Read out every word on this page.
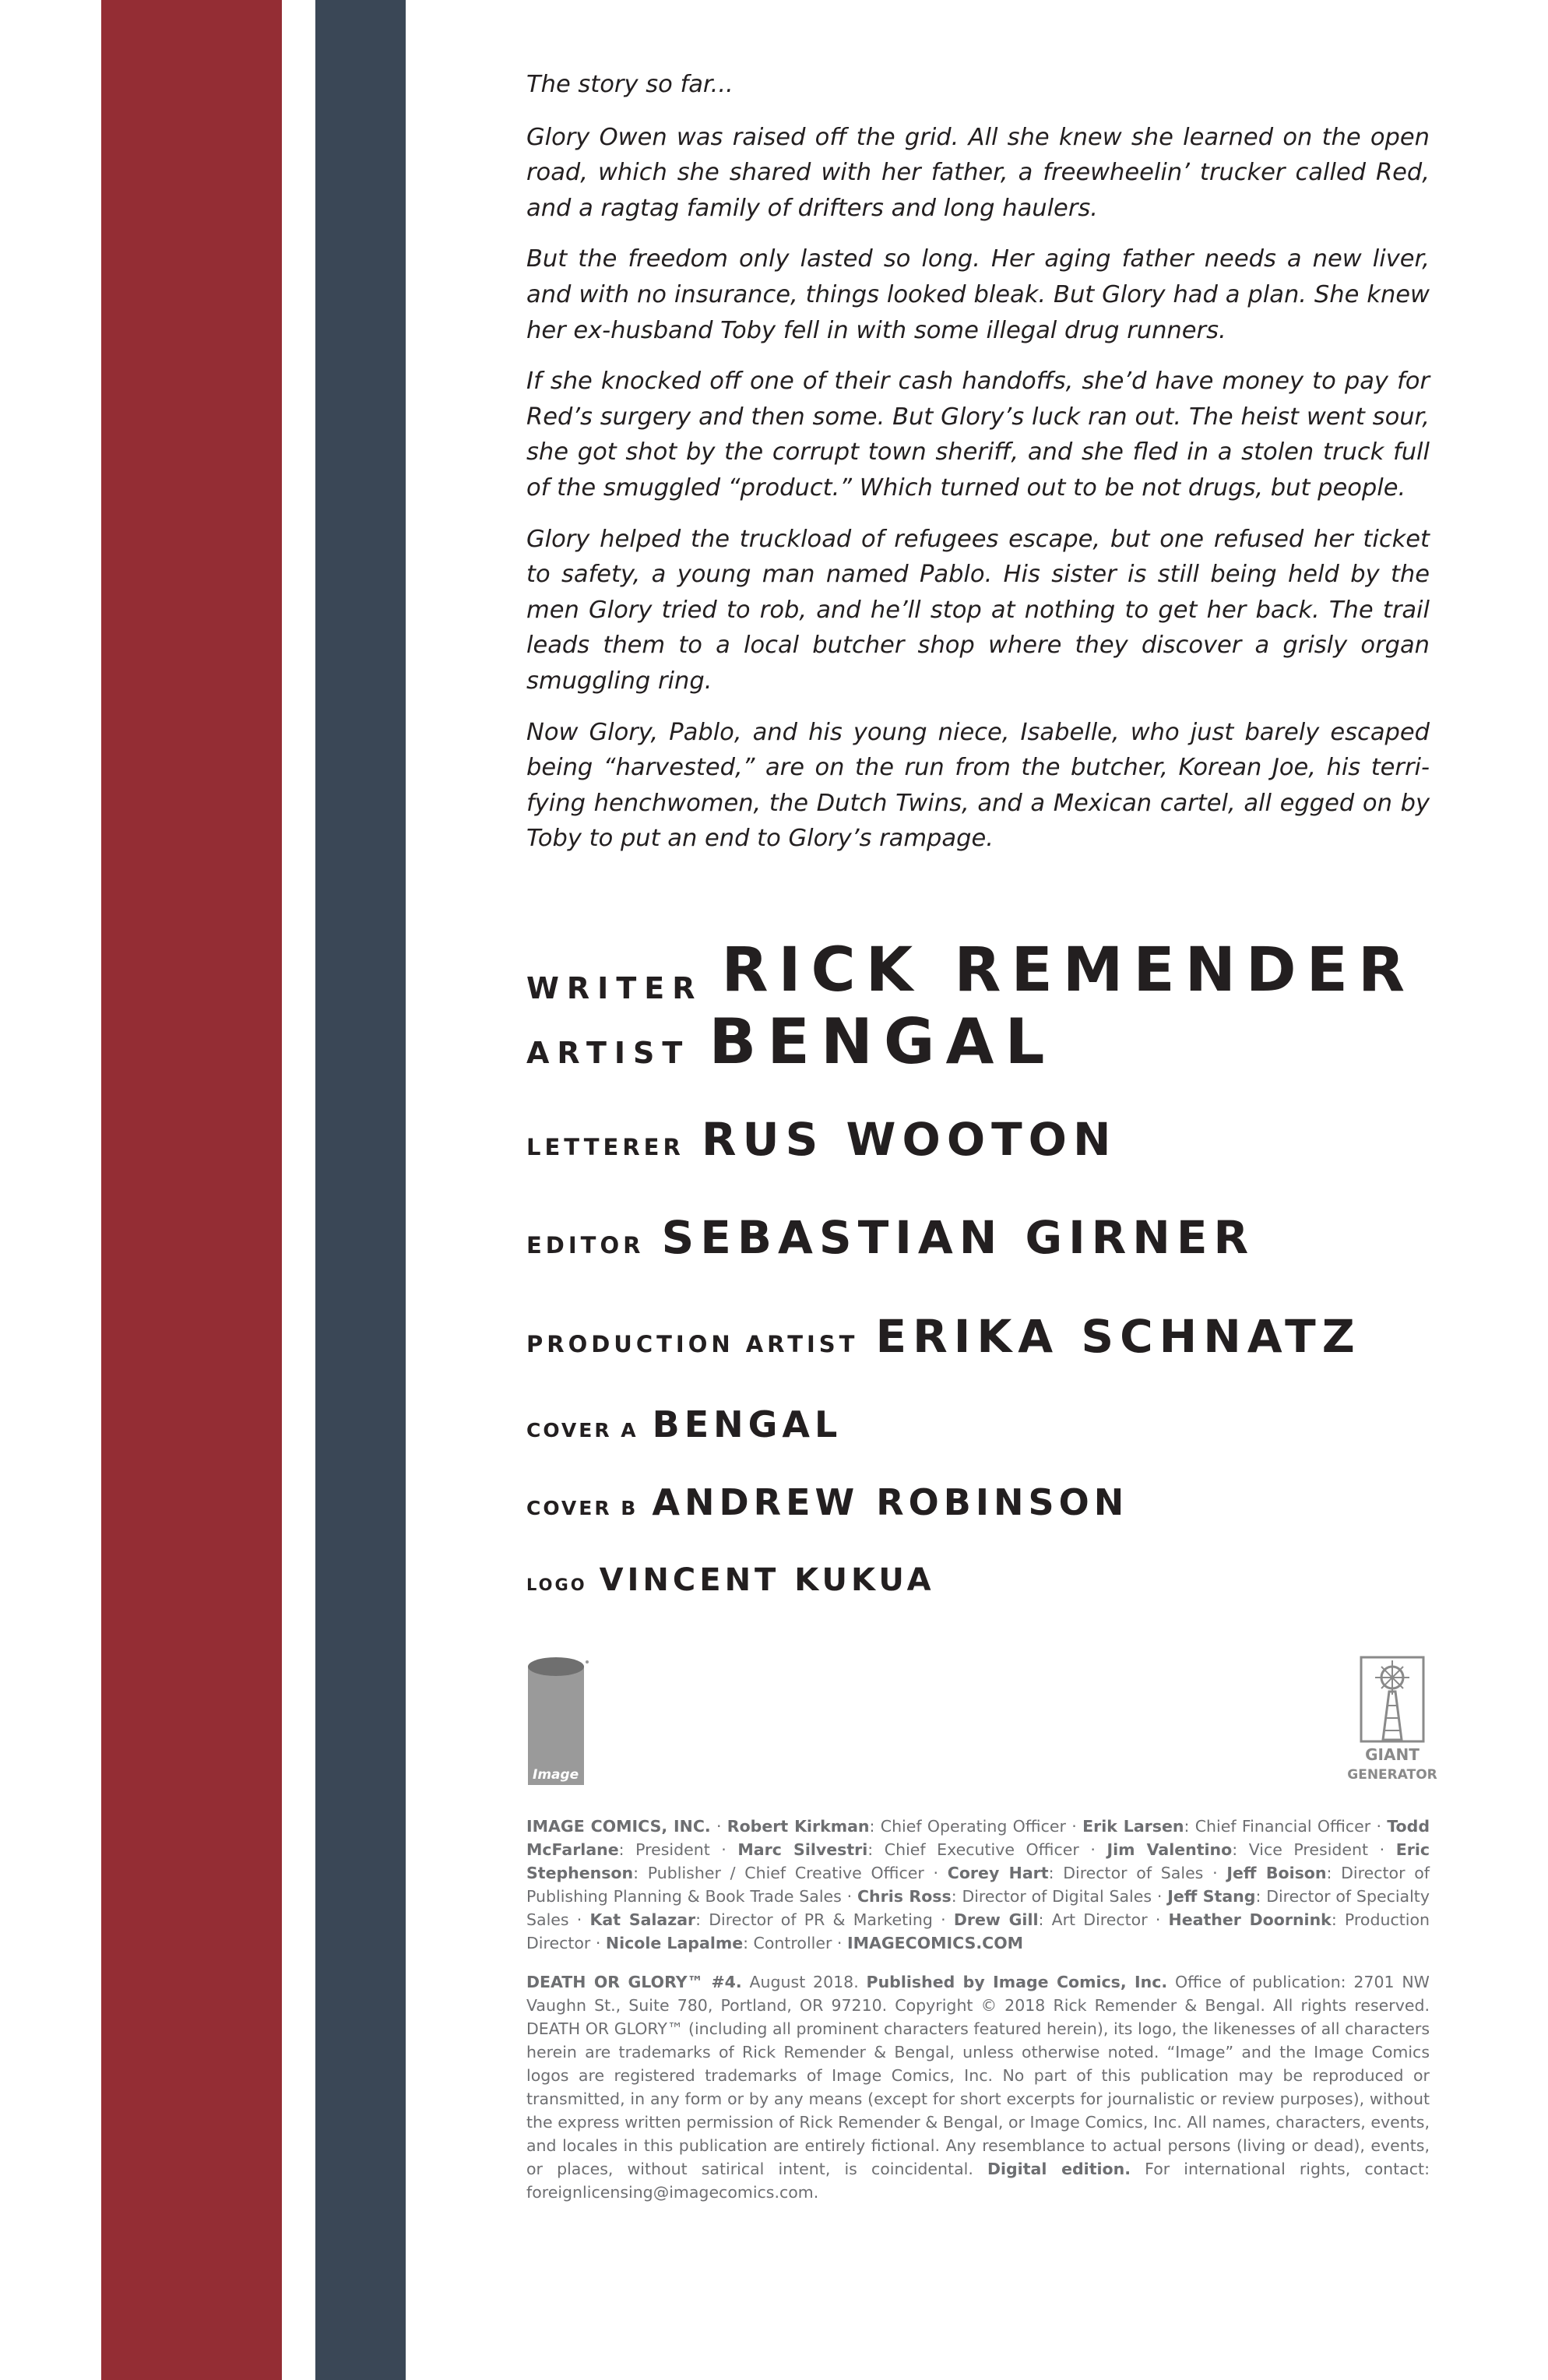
The story so far...

Glory Owen was raised off the grid. All she knew she learned on the open road, which she shared with her father, a freewheelin’ trucker called Red, and a ragtag family of drifters and long haulers.

But the freedom only lasted so long. Her aging father needs a new liver, and with no insurance, things looked bleak. But Glory had a plan. She knew her ex-husband Toby fell in with some illegal drug runners.

If she knocked off one of their cash handoffs, she’d have money to pay for Red’s surgery and then some. But Glory’s luck ran out. The heist went sour, she got shot by the corrupt town sheriff, and she fled in a stolen truck full of the smuggled “product.” Which turned out to be not drugs, but people.

Glory helped the truckload of refugees escape, but one refused her ticket to safety, a young man named Pablo. His sister is still being held by the men Glory tried to rob, and he’ll stop at nothing to get her back. The trail leads them to a local butcher shop where they discover a grisly organ smuggling ring.

Now Glory, Pablo, and his young niece, Isabelle, who just barely escaped being “harvested,” are on the run from the butcher, Korean Joe, his terri-fying henchwomen, the Dutch Twins, and a Mexican cartel, all egged on by Toby to put an end to Glory’s rampage.

WRITER RICK REMENDER
ARTIST BENGAL
LETTERER RUS WOOTON
EDITOR SEBASTIAN GIRNER
PRODUCTION ARTIST ERIKA SCHNATZ
COVER A BENGAL
COVER B ANDREW ROBINSON
LOGO VINCENT KUKUA
Image
GIANT
GENERATOR

IMAGE COMICS, INC. · Robert Kirkman: Chief Operating Officer · Erik Larsen: Chief Financial Officer · Todd McFarlane: President · Marc Silvestri: Chief Executive Officer · Jim Valentino: Vice President · Eric Stephenson: Publisher / Chief Creative Officer · Corey Hart: Director of Sales · Jeff Boison: Director of Publishing Planning & Book Trade Sales · Chris Ross: Director of Digital Sales · Jeff Stang: Director of Specialty Sales · Kat Salazar: Director of PR & Marketing · Drew Gill: Art Director · Heather Doornink: Production Director · Nicole Lapalme: Controller · IMAGECOMICS.COM

DEATH OR GLORY™ #4. August 2018. Published by Image Comics, Inc. Office of publication: 2701 NW Vaughn St., Suite 780, Portland, OR 97210. Copyright © 2018 Rick Remender & Bengal. All rights reserved. DEATH OR GLORY™ (including all prominent characters featured herein), its logo, the likenesses of all characters herein are trademarks of Rick Remender & Bengal, unless otherwise noted. “Image” and the Image Comics logos are registered trademarks of Image Comics, Inc. No part of this publication may be reproduced or transmitted, in any form or by any means (except for short excerpts for journalistic or review purposes), without the express written permission of Rick Remender & Bengal, or Image Comics, Inc. All names, characters, events, and locales in this publication are entirely fictional. Any resemblance to actual persons (living or dead), events, or places, without satirical intent, is coincidental. Digital edition. For international rights, contact: foreignlicensing@imagecomics.com.
